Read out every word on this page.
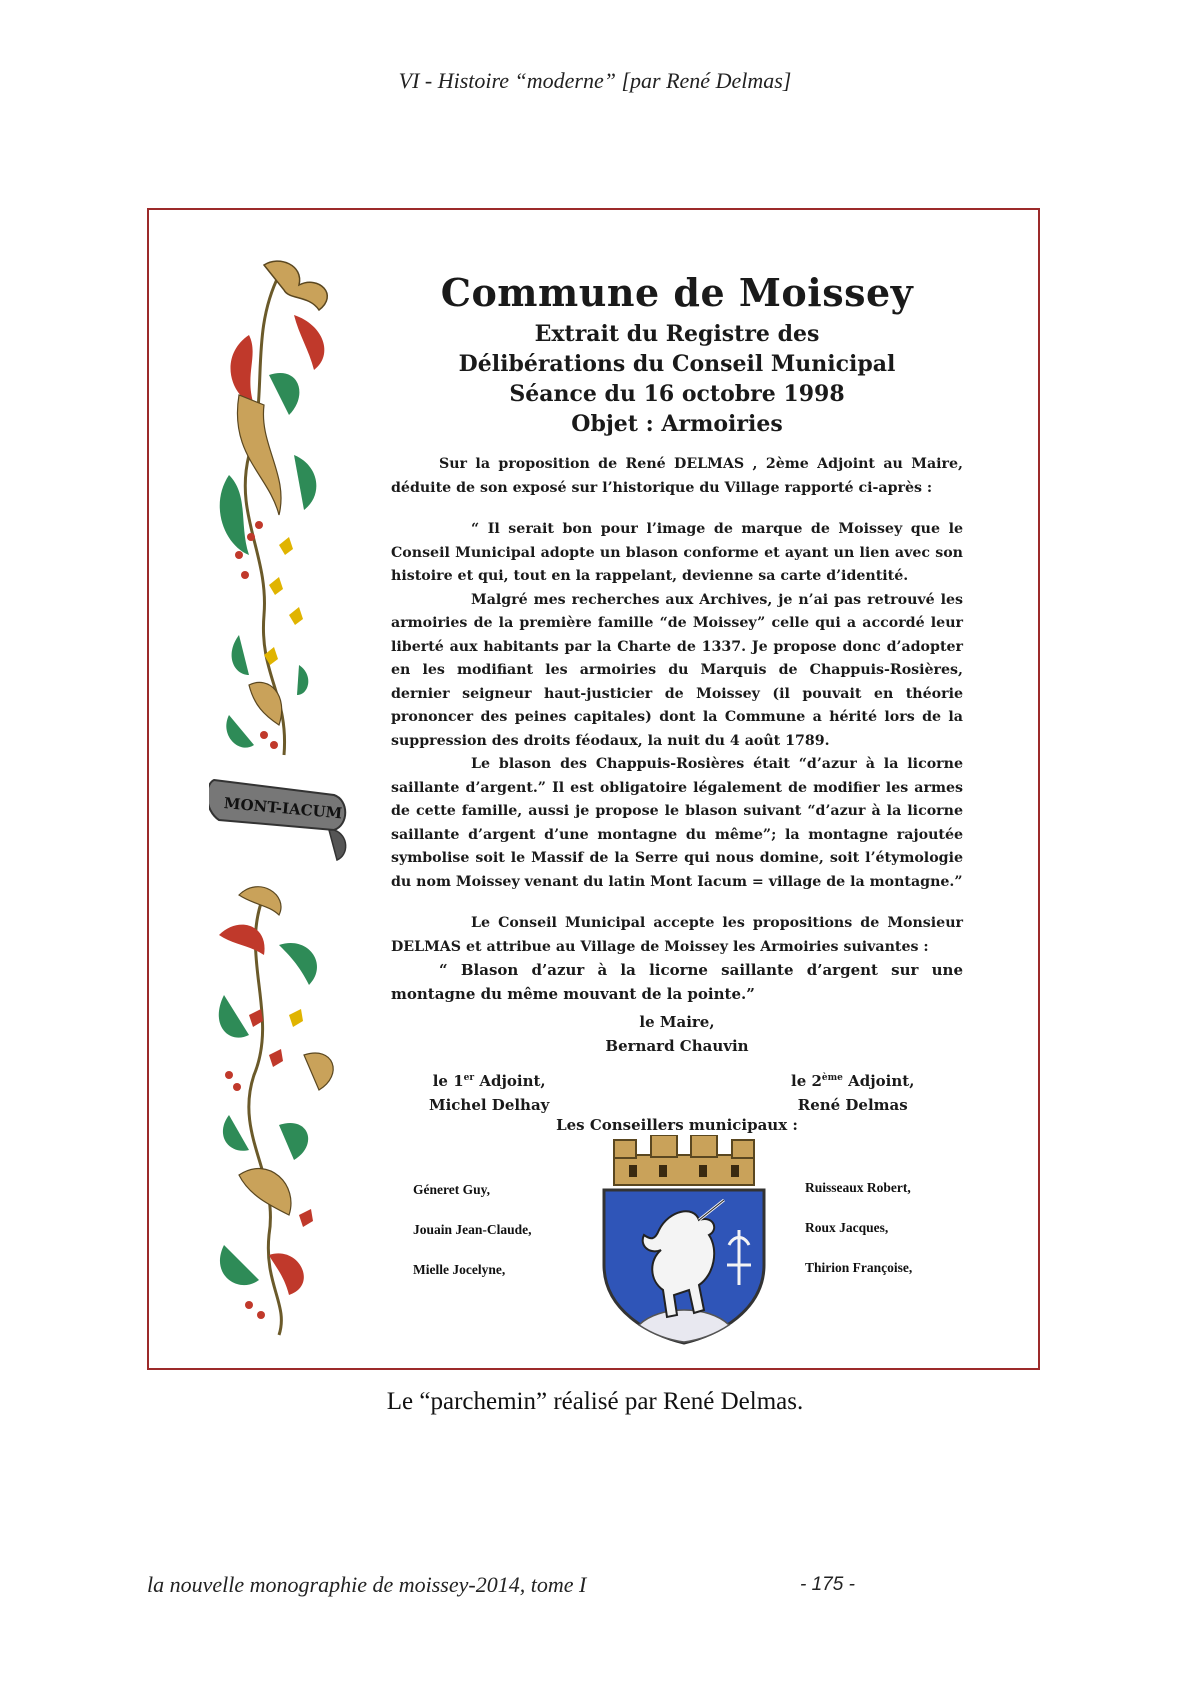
VI - Histoire “moderne” [par René Delmas]
MONT-IACUM
Commune de Moissey
Extrait du Registre des
Délibérations du Conseil Municipal
Séance du 16 octobre 1998
Objet : Armoiries

Sur la proposition de René DELMAS , 2ème Adjoint au Maire, déduite de son exposé sur l’historique du Village rapporté ci-après :

“ Il serait bon pour l’image de marque de Moissey que le Conseil Municipal adopte un blason conforme et ayant un lien avec son histoire et qui, tout en la rappelant, devienne sa carte d’identité.

Malgré mes recherches aux Archives, je n’ai pas retrouvé les armoiries de la première famille “de Moissey” celle qui a accordé leur liberté aux habitants par la Charte de 1337. Je propose donc d’adopter en les modifiant les armoiries du Marquis de Chappuis-Rosières, dernier seigneur haut-justicier de Moissey (il pouvait en théorie prononcer des peines capitales) dont la Commune a hérité lors de la suppression des droits féodaux, la nuit du 4 août 1789.

Le blason des Chappuis-Rosières était “d’azur à la licorne saillante d’argent.” Il est obligatoire légalement de modifier les armes de cette famille, aussi je propose le blason suivant “d’azur à la licorne saillante d’argent d’une montagne du même”; la montagne rajoutée symbolise soit le Massif de la Serre qui nous domine, soit l’étymologie du nom Moissey venant du latin Mont Iacum = village de la montagne.”

Le Conseil Municipal accepte les propositions de Monsieur DELMAS et attribue au Village de Moissey les Armoiries suivantes :

“ Blason d’azur à la licorne saillante d’argent sur une montagne du même mouvant de la pointe.”

le Maire,
Bernard Chauvin
le 1er Adjoint,
Michel Delhay
le 2ème Adjoint,
René Delmas
Les Conseillers municipaux :
Géneret Guy,
Jouain Jean-Claude,
Mielle Jocelyne,
Ruisseaux Robert,
Roux Jacques,
Thirion Françoise,
Le “parchemin” réalisé par René Delmas.
la nouvelle monographie de moissey-2014, tome I	- 175 -
